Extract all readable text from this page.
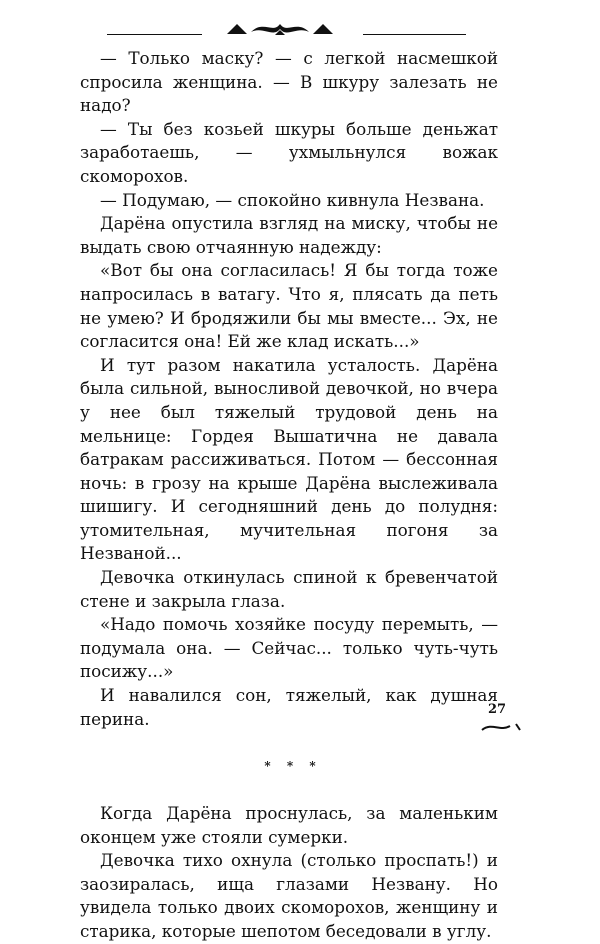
— Только маску? — с легкой насмешкой спросила женщина. — В шкуру залезать не надо?

— Ты без козьей шкуры больше деньжат заработаешь, — ухмыльнулся вожак скоморохов.

— Подумаю, — спокойно кивнула Незвана.

Дарёна опустила взгляд на миску, чтобы не выдать свою отчаянную надежду:

«Вот бы она согласилась! Я бы тогда тоже напросилась в ватагу. Что я, плясать да петь не умею? И бродяжили бы мы вместе... Эх, не согласится она! Ей же клад искать...»

И тут разом накатила усталость. Дарёна была сильной, выносливой девочкой, но вчера у нее был тяжелый трудовой день на мельнице: Гордея Вышатична не давала батракам рассиживаться. Потом — бессонная ночь: в грозу на крыше Дарёна выслеживала шишигу. И сегодняшний день до полудня: утомительная, мучительная погоня за Незваной...

Девочка откинулась спиной к бревенчатой стене и закрыла глаза.

«Надо помочь хозяйке посуду перемыть, — подумала она. — Сейчас... только чуть-чуть посижу...»

И навалился сон, тяжелый, как душная перина.

* * *

Когда Дарёна проснулась, за маленьким оконцем уже стояли сумерки.

Девочка тихо охнула (столько проспать!) и заозиралась, ища глазами Незвану. Но увидела только двоих скоморохов, женщину и старика, которые шепотом беседовали в углу.

27
